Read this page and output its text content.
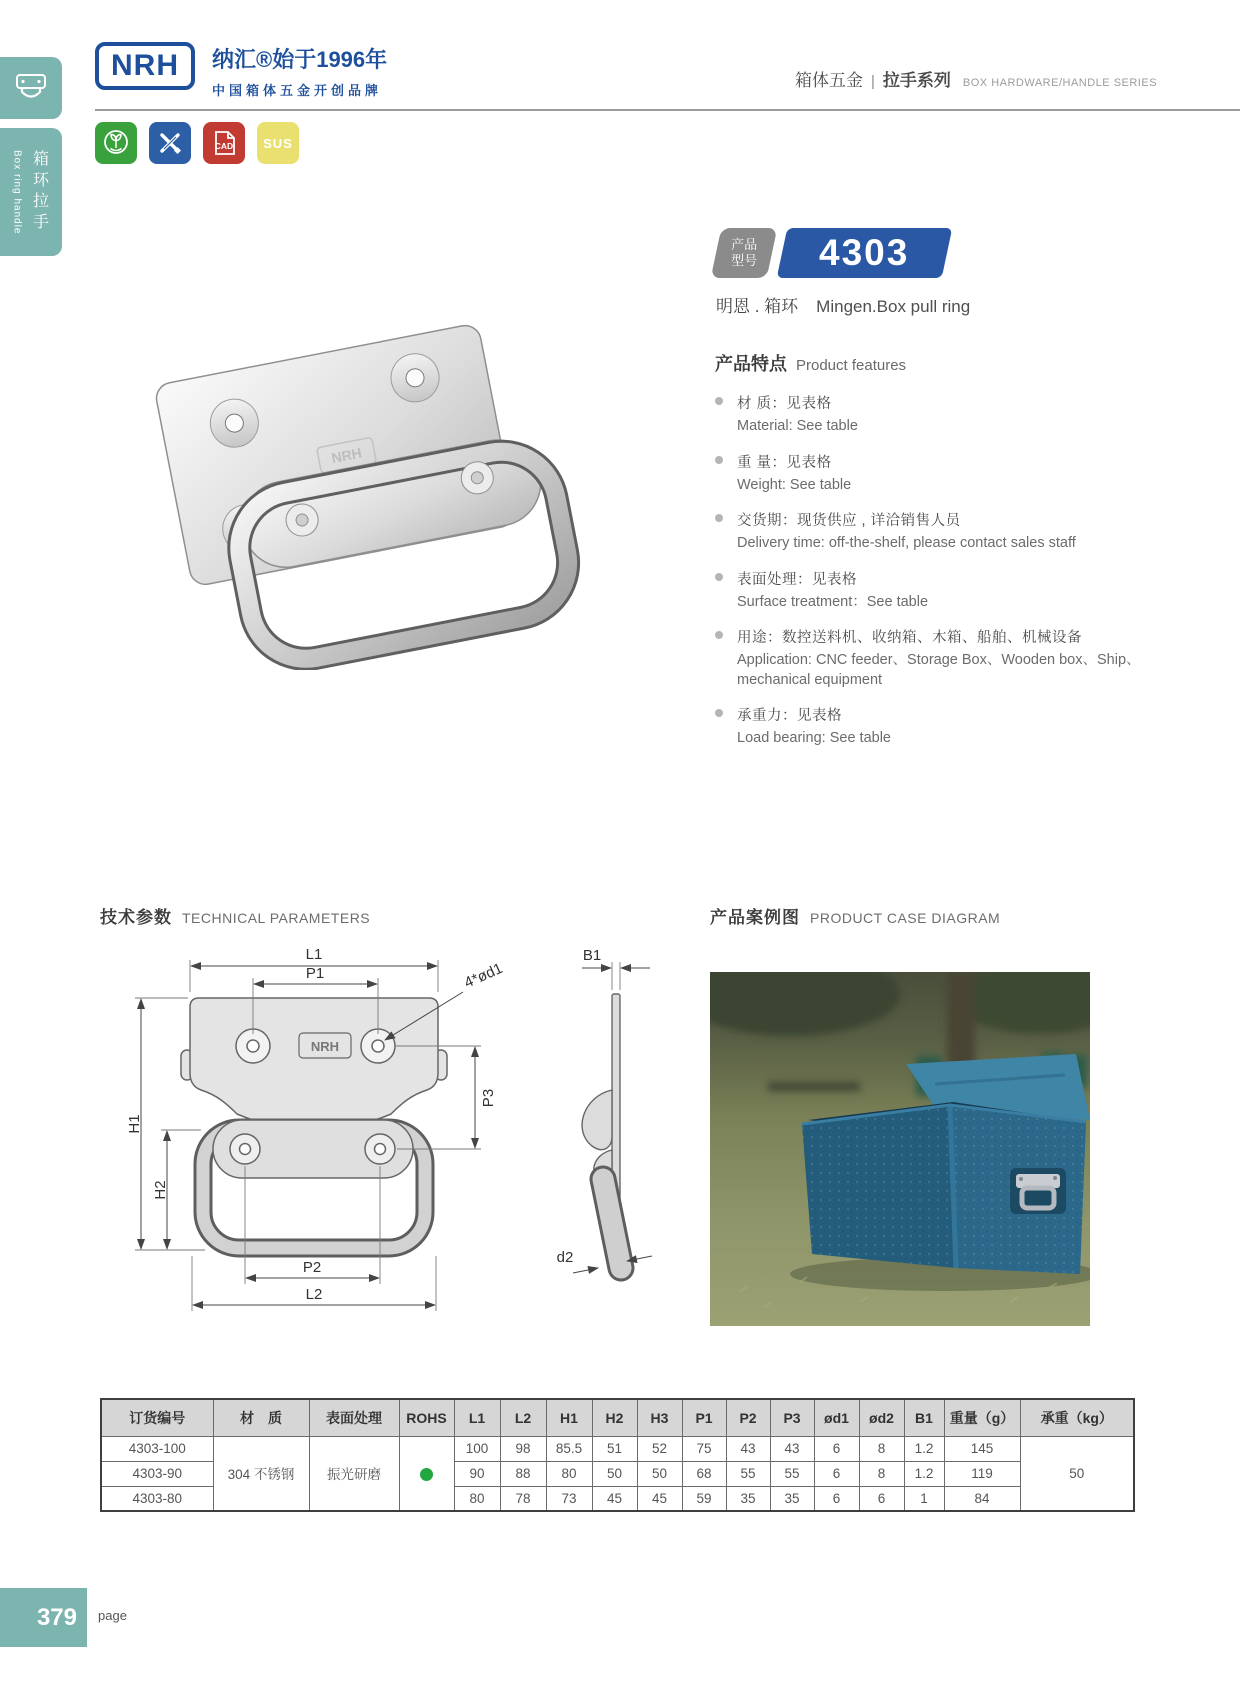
Box ring handle 箱环拉手
NRH	纳汇®始于1996年
中国箱体五金开创品牌
箱体五金 | 拉手系列 BOX HARDWARE/HANDLE SERIES
CAD SUS
NRH
产品
型号 4303
明恩 . 箱环 Mingen.Box pull ring
产品特点 Product features
材 质：见表格
Material: See table
重 量：见表格
Weight: See table
交货期：现货供应 , 详洽销售人员
Delivery time: off-the-shelf, please contact sales staff
表面处理：见表格
Surface treatment：See table
用途：数控送料机、收纳箱、木箱、船舶、机械设备
Application: CNC feeder、Storage Box、Wooden box、Ship、mechanical equipment
承重力：见表格
Load bearing: See table
技术参数 TECHNICAL PARAMETERS	产品案例图 PRODUCT CASE DIAGRAM
NRH
L1
P1
H1
H2
P3
P2
L2
4*ød1
B1
d2
订货编号	材　质	表面处理	ROHS	L1	L2	H1	H2	H3	P1	P2	P3	ød1	ød2	B1	重量（g）	承重（kg）
4303-100	304 不锈钢	振光研磨		100	98	85.5	51	52	75	43	43	6	8	1.2	145	50
4303-90				90	88	80	50	50	68	55	55	6	8	1.2	119	
4303-80				80	78	73	45	45	59	35	35	6	6	1	84	
379 page
